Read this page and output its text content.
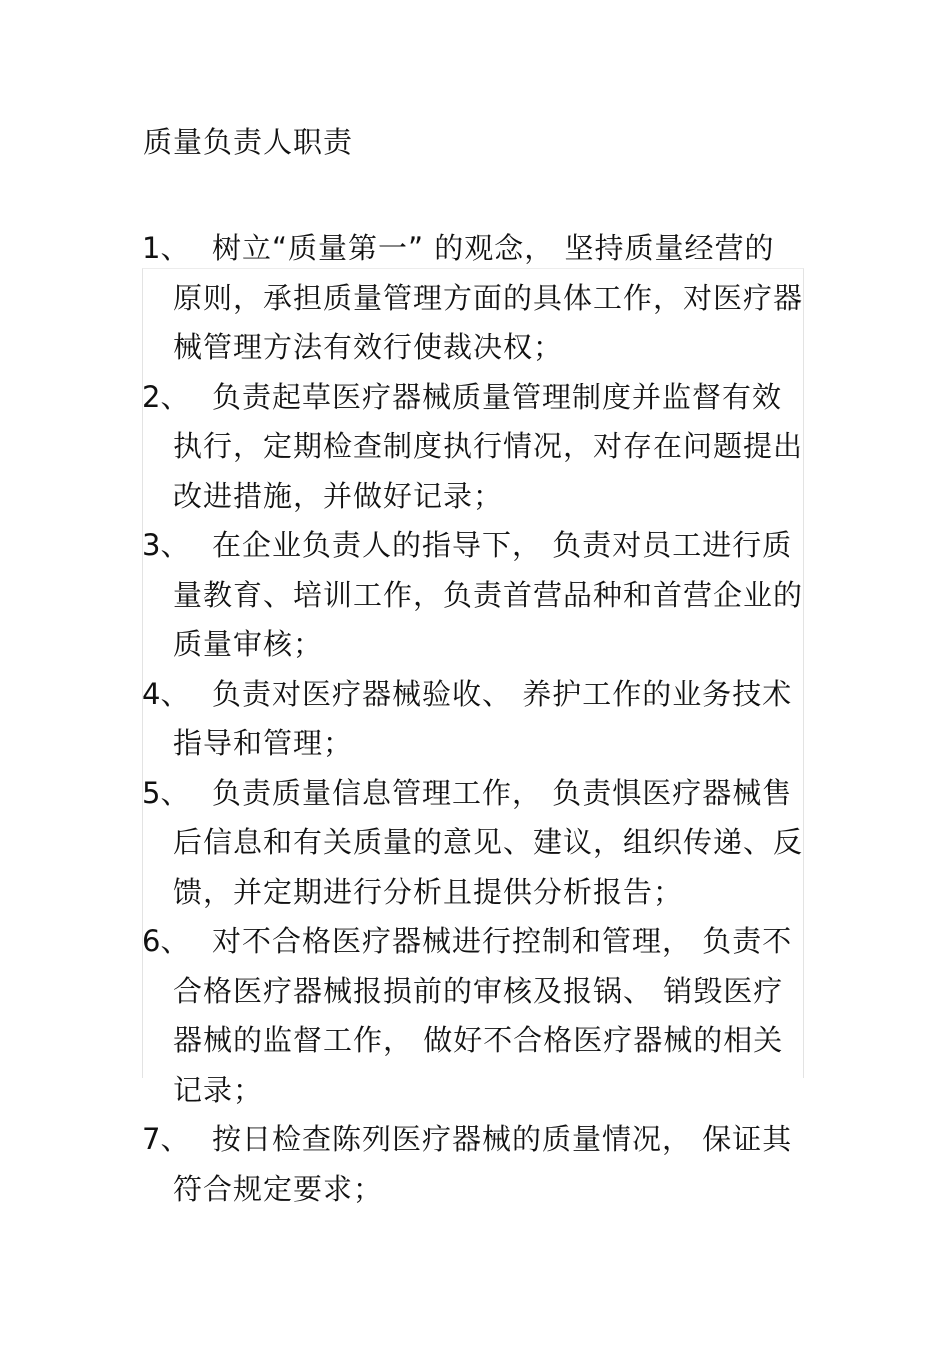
质量负责人职责
1、 树立“质量第一” 的观念， 坚持质量经营的原则，承担质量管理方面的具体工作，对医疗器械管理方法有效行使裁决权；
2、 负责起草医疗器械质量管理制度并监督有效执行，定期检查制度执行情况，对存在问题提出改进措施，并做好记录；
3、 在企业负责人的指导下， 负责对员工进行质量教育、培训工作，负责首营品种和首营企业的质量审核；
4、 负责对医疗器械验收、 养护工作的业务技术指导和管理；
5、 负责质量信息管理工作， 负责惧医疗器械售后信息和有关质量的意见、建议，组织传递、反馈，并定期进行分析且提供分析报告；
6、 对不合格医疗器械进行控制和管理， 负责不合格医疗器械报损前的审核及报锅、 销毁医疗器械的监督工作， 做好不合格医疗器械的相关记录；
7、 按日检查陈列医疗器械的质量情况， 保证其符合规定要求；
